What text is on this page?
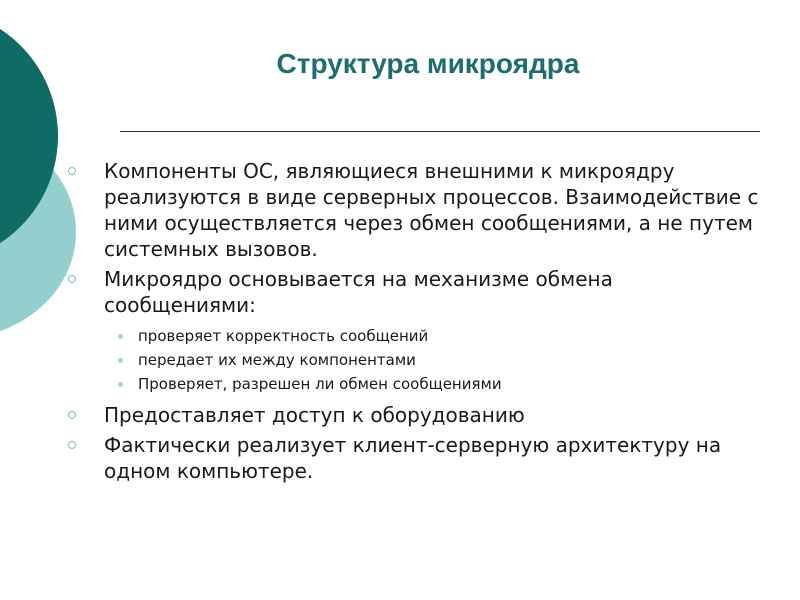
Структура микроядра
Компоненты ОС, являющиеся внешними к микроядру реализуются в виде серверных процессов. Взаимодействие с ними осуществляется через обмен сообщениями, а не путем системных вызовов.
Микроядро основывается на механизме обмена сообщениями:
проверяет корректность сообщений
передает их между компонентами
Проверяет, разрешен ли обмен сообщениями
Предоставляет доступ к оборудованию
Фактически реализует клиент-серверную архитектуру на одном компьютере.
